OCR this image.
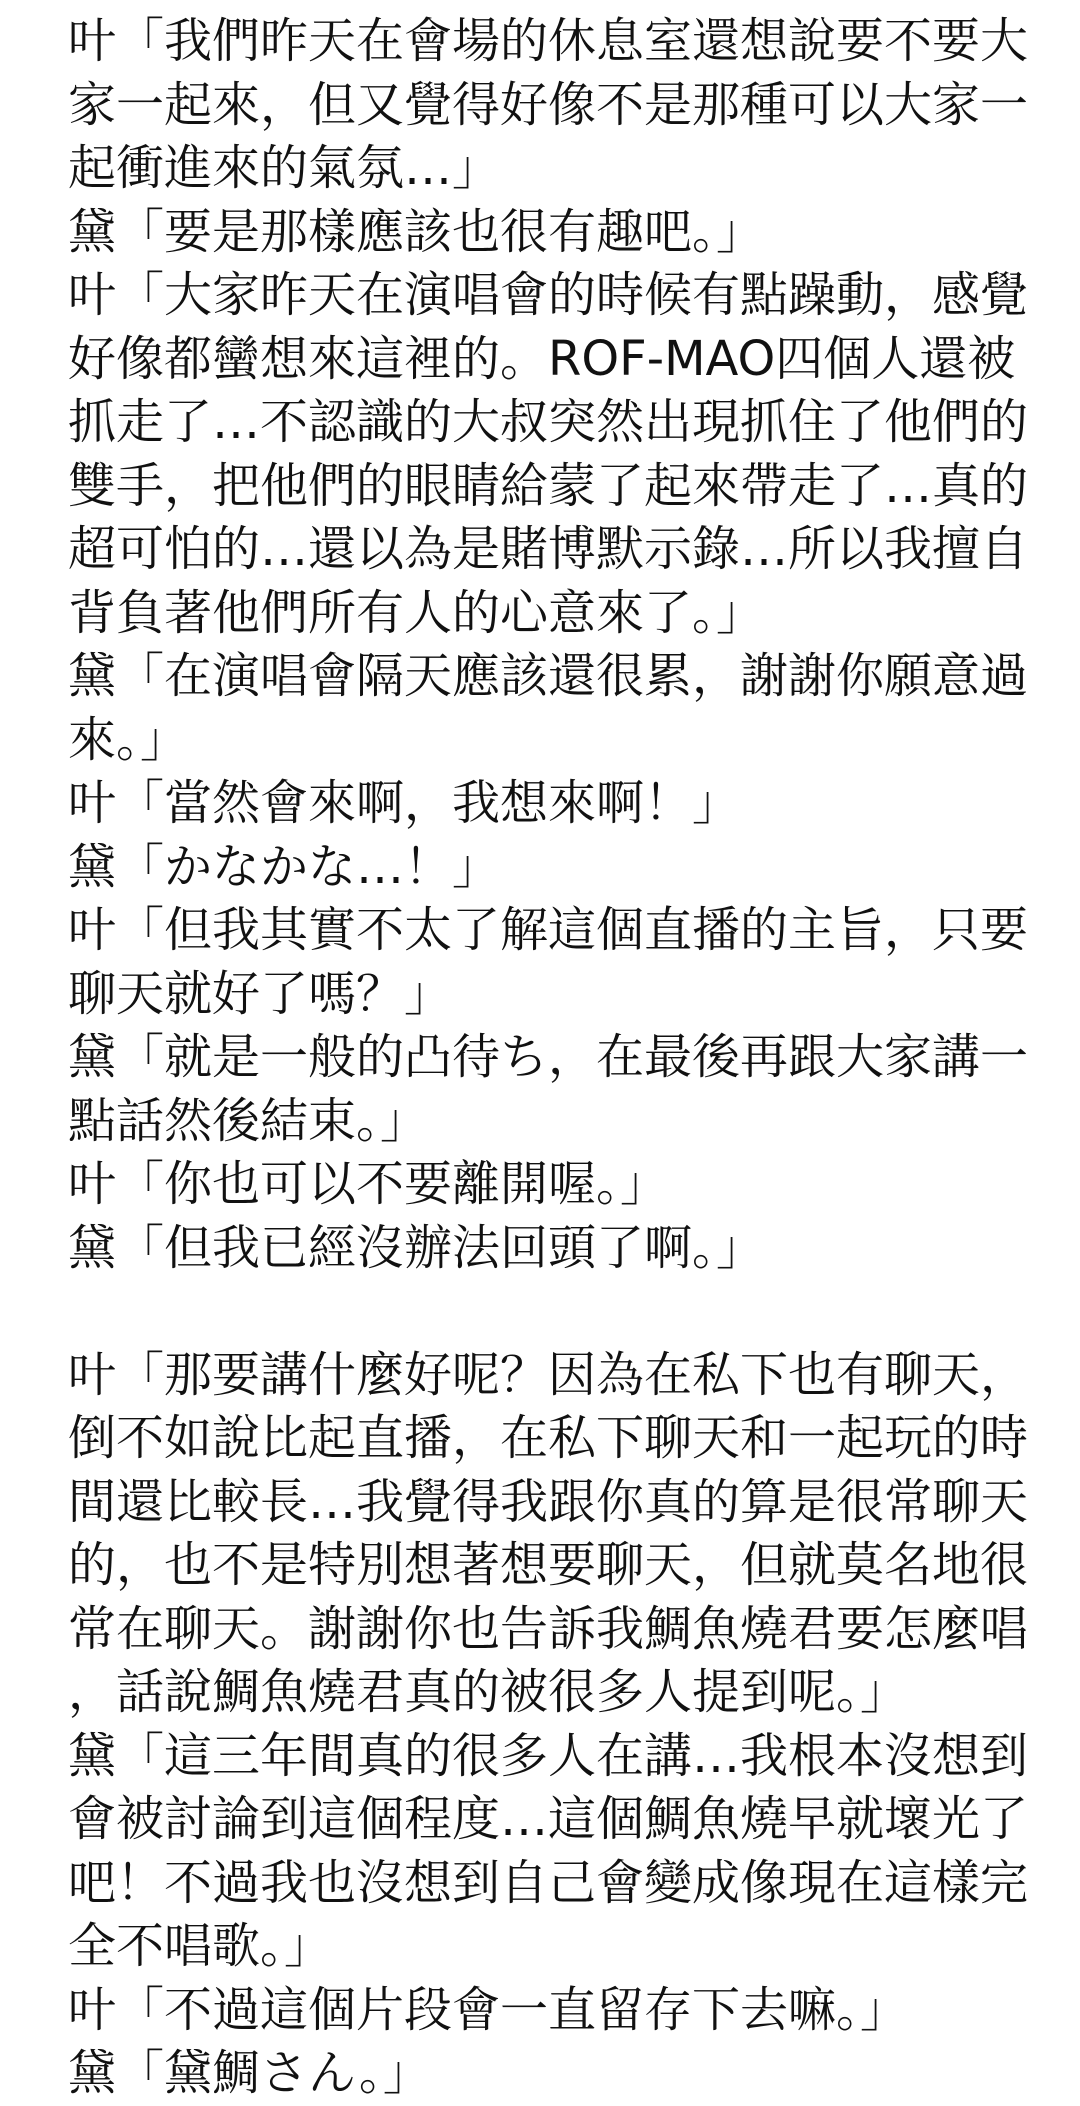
叶「我們昨天在會場的休息室還想說要不要大

家一起來，但又覺得好像不是那種可以大家一

起衝進來的氣氛…」

黛「要是那樣應該也很有趣吧。」

叶「大家昨天在演唱會的時候有點躁動，感覺

好像都蠻想來這裡的。ROF-MAO四個人還被

抓走了…不認識的大叔突然出現抓住了他們的

雙手，把他們的眼睛給蒙了起來帶走了…真的

超可怕的…還以為是賭博默示錄…所以我擅自

背負著他們所有人的心意來了。」

黛「在演唱會隔天應該還很累，謝謝你願意過

來。」

叶「當然會來啊，我想來啊！」

黛「かなかな…！」

叶「但我其實不太了解這個直播的主旨，只要

聊天就好了嗎？」

黛「就是一般的凸待ち，在最後再跟大家講一

點話然後結束。」

叶「你也可以不要離開喔。」

黛「但我已經沒辦法回頭了啊。」

叶「那要講什麼好呢？因為在私下也有聊天，

倒不如說比起直播，在私下聊天和一起玩的時

間還比較長…我覺得我跟你真的算是很常聊天

的，也不是特別想著想要聊天，但就莫名地很

常在聊天。謝謝你也告訴我鯛魚燒君要怎麼唱

，話說鯛魚燒君真的被很多人提到呢。」

黛「這三年間真的很多人在講…我根本沒想到

會被討論到這個程度…這個鯛魚燒早就壞光了

吧！不過我也沒想到自己會變成像現在這樣完

全不唱歌。」

叶「不過這個片段會一直留存下去嘛。」

黛「黛鯛さん。」
